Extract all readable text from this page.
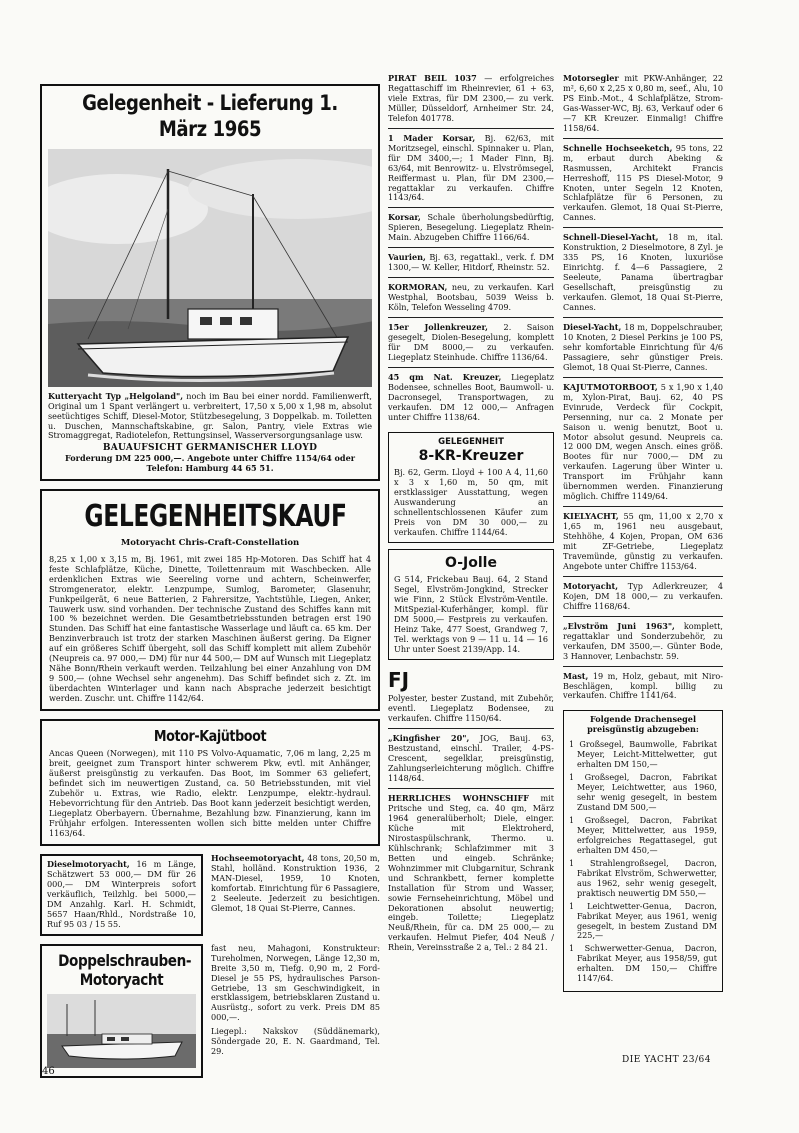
Gelegenheit - Lieferung 1. März 1965

Kutteryacht Typ „Helgoland", noch im Bau bei einer nordd. Familienwerft, Original um 1 Spant verlängert u. verbreitert, 17,50 x 5,00 x 1,98 m, absolut seetüchtiges Schiff, Diesel-Motor, Stützbesegelung, 3 Doppelkab. m. Toiletten u. Duschen, Mannschaftskabine, gr. Salon, Pantry, viele Extras wie Stromaggregat, Radiotelefon, Rettungsinsel, Wasserversorgungsanlage usw.

BAUAUFSICHT GERMANISCHER LLOYD

Forderung DM 225 000,—. Angebote unter Chiffre 1154/64 oder Telefon: Hamburg 44 65 51.

GELEGENHEITSKAUF
Motoryacht Chris-Craft-Constellation

8,25 x 1,00 x 3,15 m, Bj. 1961, mit zwei 185 Hp-Motoren. Das Schiff hat 4 feste Schlafplätze, Küche, Dinette, Toilettenraum mit Waschbecken. Alle erdenklichen Extras wie Seereling vorne und achtern, Scheinwerfer, Stromgenerator, elektr. Lenzpumpe, Sumlog, Barometer, Glasenuhr, Funkpeilgerät, 6 neue Batterien, 2 Fahrersitze, Yachtstühle, Liegen, Anker, Tauwerk usw. sind vorhanden. Der technische Zustand des Schiffes kann mit 100 % bezeichnet werden. Die Gesamtbetriebsstunden betragen erst 190 Stunden. Das Schiff hat eine fantastische Wasserlage und läuft ca. 65 km. Der Benzinverbrauch ist trotz der starken Maschinen äußerst gering. Da Eigner auf ein größeres Schiff übergeht, soll das Schiff komplett mit allem Zubehör (Neupreis ca. 97 000,— DM) für nur 44 500,— DM auf Wunsch mit Liegeplatz Nähe Bonn/Rhein verkauft werden. Teilzahlung bei einer Anzahlung von DM 9 500,— (ohne Wechsel sehr angenehm). Das Schiff befindet sich z. Zt. im überdachten Winterlager und kann nach Absprache jederzeit besichtigt werden. Zuschr. unt. Chiffre 1142/64.

Motor-Kajütboot

Ancas Queen (Norwegen), mit 110 PS Volvo-Aquamatic, 7,06 m lang, 2,25 m breit, geeignet zum Transport hinter schwerem Pkw, evtl. mit Anhänger, äußerst preisgünstig zu verkaufen. Das Boot, im Sommer 63 geliefert, befindet sich im neuwertigen Zustand, ca. 50 Betriebsstunden, mit viel Zubehör u. Extras, wie Radio, elektr. Lenzpumpe, elektr.-hydraul. Hebevorrichtung für den Antrieb. Das Boot kann jederzeit besichtigt werden, Liegeplatz Oberbayern. Übernahme, Bezahlung bzw. Finanzierung, kann im Frühjahr erfolgen. Interessenten wollen sich bitte melden unter Chiffre 1163/64.

Dieselmotoryacht, 16 m Länge, Schätzwert 53 000,— DM für 26 000,— DM Winterpreis sofort verkäuflich, Teilzhlg. bei 5000,— DM Anzahlg. Karl. H. Schmidt, 5657 Haan/Rhld., Nordstraße 10, Ruf 95 03 / 15 55.

Hochseemotoryacht, 48 tons, 20,50 m, Stahl, holländ. Konstruktion 1936, 2 MAN-Diesel, 1959, 10 Knoten, komfortab. Einrichtung für 6 Passagiere, 2 Seeleute. Jederzeit zu besichtigen. Glemot, 18 Quai St-Pierre, Cannes.

Doppelschrauben-
Motoryacht

fast neu, Mahagoni, Konstrukteur: Tureholmen, Norwegen, Länge 12,30 m, Breite 3,50 m, Tiefg. 0,90 m, 2 Ford-Diesel je 55 PS, hydraulisches Parson-Getriebe, 13 sm Geschwindigkeit, in erstklassigem, betriebsklaren Zustand u. Ausrüstg., sofort zu verk. Preis DM 85 000,—.

Liegepl.: Nakskov (Süddänemark), Söndergade 20, E. N. Gaardmand, Tel. 29.

PIRAT BEIL 1037 — erfolgreiches Regattaschiff im Rheinrevier, 61 + 63, viele Extras, für DM 2300,— zu verk. Müller, Düsseldorf, Arnheimer Str. 24, Telefon 401778.

1 Mader Korsar, Bj. 62/63, mit Moritzsegel, einschl. Spinnaker u. Plan, für DM 3400,—; 1 Mader Finn, Bj. 63/64, mit Benrowitz- u. Elvströmsegel, Reiffermast u. Plan, für DM 2300,— regattaklar zu verkaufen. Chiffre 1143/64.

Korsar, Schale überholungsbedürftig, Spieren, Besegelung. Liegeplatz Rhein-Main. Abzugeben Chiffre 1166/64.

Vaurien, Bj. 63, regattakl., verk. f. DM 1300,— W. Keller, Hitdorf, Rheinstr. 52.

KORMORAN, neu, zu verkaufen. Karl Westphal, Bootsbau, 5039 Weiss b. Köln, Telefon Wesseling 4709.

15er Jollenkreuzer, 2. Saison gesegelt, Diolen-Besegelung, komplett für DM 8000,— zu verkaufen. Liegeplatz Steinhude. Chiffre 1136/64.

45 qm Nat. Kreuzer, Liegeplatz Bodensee, schnelles Boot, Baumwoll- u. Dacronsegel, Transportwagen, zu verkaufen. DM 12 000,— Anfragen unter Chiffre 1138/64.

GELEGENHEIT
8-KR-Kreuzer

Bj. 62, Germ. Lloyd + 100 A 4, 11,60 x 3 x 1,60 m, 50 qm, mit erstklassiger Ausstattung, wegen Auswanderung an schnellentschlossenen Käufer zum Preis von DM 30 000,— zu verkaufen. Chiffre 1144/64.

O-Jolle

G 514, Frickebau Bauj. 64, 2 Stand Segel, Elvström-Jongkind, Strecker wie Finn, 2 Stück Elvström-Ventile. MitSpezial-Kuferhänger, kompl. für DM 5000,— Festpreis zu verkaufen. Heinz Take, 477 Soest, Grandweg 7, Tel. werktags von 9 — 11 u. 14 — 16 Uhr unter Soest 2139/App. 14.

FJ

Polyester, bester Zustand, mit Zubehör, eventl. Liegeplatz Bodensee, zu verkaufen. Chiffre 1150/64.

„Kingfisher 20", JOG, Bauj. 63, Bestzustand, einschl. Trailer, 4-PS-Crescent, segelklar, preisgünstig, Zahlungserleichterung möglich. Chiffre 1148/64.

HERRLICHES WOHNSCHIFF mit Pritsche und Steg, ca. 40 qm, März 1964 generalüberholt; Diele, einger. Küche mit Elektroherd, Nirostaspülschrank, Thermo. u. Kühlschrank; Schlafzimmer mit 3 Betten und eingeb. Schränke; Wohnzimmer mit Clubgarnitur, Schrank und Schrankbett, ferner komplette Installation für Strom und Wasser, sowie Fernseheinrichtung, Möbel und Dekorationen absolut neuwertig; eingeb. Toilette; Liegeplatz Neuß/Rhein, für ca. DM 25 000,— zu verkaufen. Helmut Piefer, 404 Neuß / Rhein, Vereinsstraße 2 a, Tel.: 2 84 21.

Motorsegler mit PKW-Anhänger, 22 m², 6,60 x 2,25 x 0,80 m, seef., Alu, 10 PS Einb.-Mot., 4 Schlafplätze, Strom-Gas-Wasser-WC, Bj. 63, Verkauf oder 6—7 KR Kreuzer. Einmalig! Chiffre 1158/64.

Schnelle Hochseeketch, 95 tons, 22 m, erbaut durch Abeking & Rasmussen, Architekt Francis Herreshoff, 115 PS Diesel-Motor, 9 Knoten, unter Segeln 12 Knoten, Schlafplätze für 6 Personen, zu verkaufen. Glemot, 18 Quai St-Pierre, Cannes.

Schnell-Diesel-Yacht, 18 m, ital. Konstruktion, 2 Dieselmotore, 8 Zyl. je 335 PS, 16 Knoten, luxuriöse Einrichtg. f. 4—6 Passagiere, 2 Seeleute, Panama übertragbar Gesellschaft, preisgünstig zu verkaufen. Glemot, 18 Quai St-Pierre, Cannes.

Diesel-Yacht, 18 m, Doppelschrauber, 10 Knoten, 2 Diesel Perkins je 100 PS, sehr komfortable Einrichtung für 4/6 Passagiere, sehr günstiger Preis. Glemot, 18 Quai St-Pierre, Cannes.

KAJÜTMOTORBOOT, 5 x 1,90 x 1,40 m, Xylon-Pirat, Bauj. 62, 40 PS Evinrude, Verdeck für Cockpit, Persenning, nur ca. 2 Monate per Saison u. wenig benutzt, Boot u. Motor absolut gesund. Neupreis ca. 12 000 DM, wegen Ansch. eines größ. Bootes für nur 7000,— DM zu verkaufen. Lagerung über Winter u. Transport im Frühjahr kann übernommen werden. Finanzierung möglich. Chiffre 1149/64.

KIELYACHT, 55 qm, 11,00 x 2,70 x 1,65 m, 1961 neu ausgebaut, Stehhöhe, 4 Kojen, Propan, OM 636 mit ZF-Getriebe, Liegeplatz Travemünde, günstig zu verkaufen. Angebote unter Chiffre 1153/64.

Motoryacht, Typ Adlerkreuzer, 4 Kojen, DM 18 000,— zu verkaufen. Chiffre 1168/64.

„Elvström Juni 1963", komplett, regattaklar und Sonderzubehör, zu verkaufen, DM 3500,—. Günter Bode, 3 Hannover, Lenbachstr. 59.

Mast, 19 m, Holz, gebaut, mit Niro-Beschlägen, kompl. billig zu verkaufen. Chiffre 1141/64.

Folgende Drachensegel preisgünstig abzugeben:

1 Großsegel, Baumwolle, Fabrikat Meyer, Leicht-Mittelwetter, gut erhalten DM 150,—

1 Großsegel, Dacron, Fabrikat Meyer, Leichtwetter, aus 1960, sehr wenig gesegelt, in bestem Zustand DM 500,—

1 Großsegel, Dacron, Fabrikat Meyer, Mittelwetter, aus 1959, erfolgreiches Regattasegel, gut erhalten DM 450,—

1 Strahlengroßsegel, Dacron, Fabrikat Elvström, Schwerwetter, aus 1962, sehr wenig gesegelt, praktisch neuwertig DM 550,—

1 Leichtwetter-Genua, Dacron, Fabrikat Meyer, aus 1961, wenig gesegelt, in bestem Zustand DM 225,—

1 Schwerwetter-Genua, Dacron, Fabrikat Meyer, aus 1958/59, gut erhalten. DM 150,— Chiffre 1147/64.

46
DIE YACHT 23/64
